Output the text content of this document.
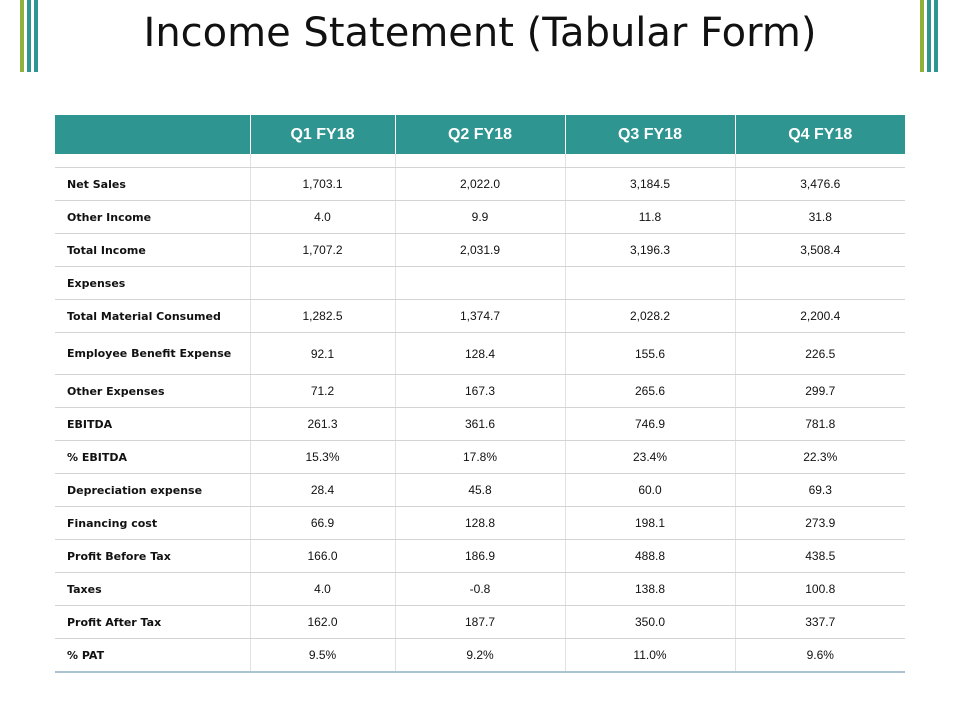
Income Statement (Tabular Form)
	Q1 FY18	Q2 FY18	Q3 FY18	Q4 FY18

Net Sales	1,703.1	2,022.0	3,184.5	3,476.6
Other Income	4.0	9.9	11.8	31.8
Total Income	1,707.2	2,031.9	3,196.3	3,508.4
Expenses				
Total Material Consumed	1,282.5	1,374.7	2,028.2	2,200.4
Employee Benefit Expense	92.1	128.4	155.6	226.5
Other Expenses	71.2	167.3	265.6	299.7
EBITDA	261.3	361.6	746.9	781.8
% EBITDA	15.3%	17.8%	23.4%	22.3%
Depreciation expense	28.4	45.8	60.0	69.3
Financing cost	66.9	128.8	198.1	273.9
Profit Before Tax	166.0	186.9	488.8	438.5
Taxes	4.0	-0.8	138.8	100.8
Profit After Tax	162.0	187.7	350.0	337.7
% PAT	9.5%	9.2%	11.0%	9.6%
